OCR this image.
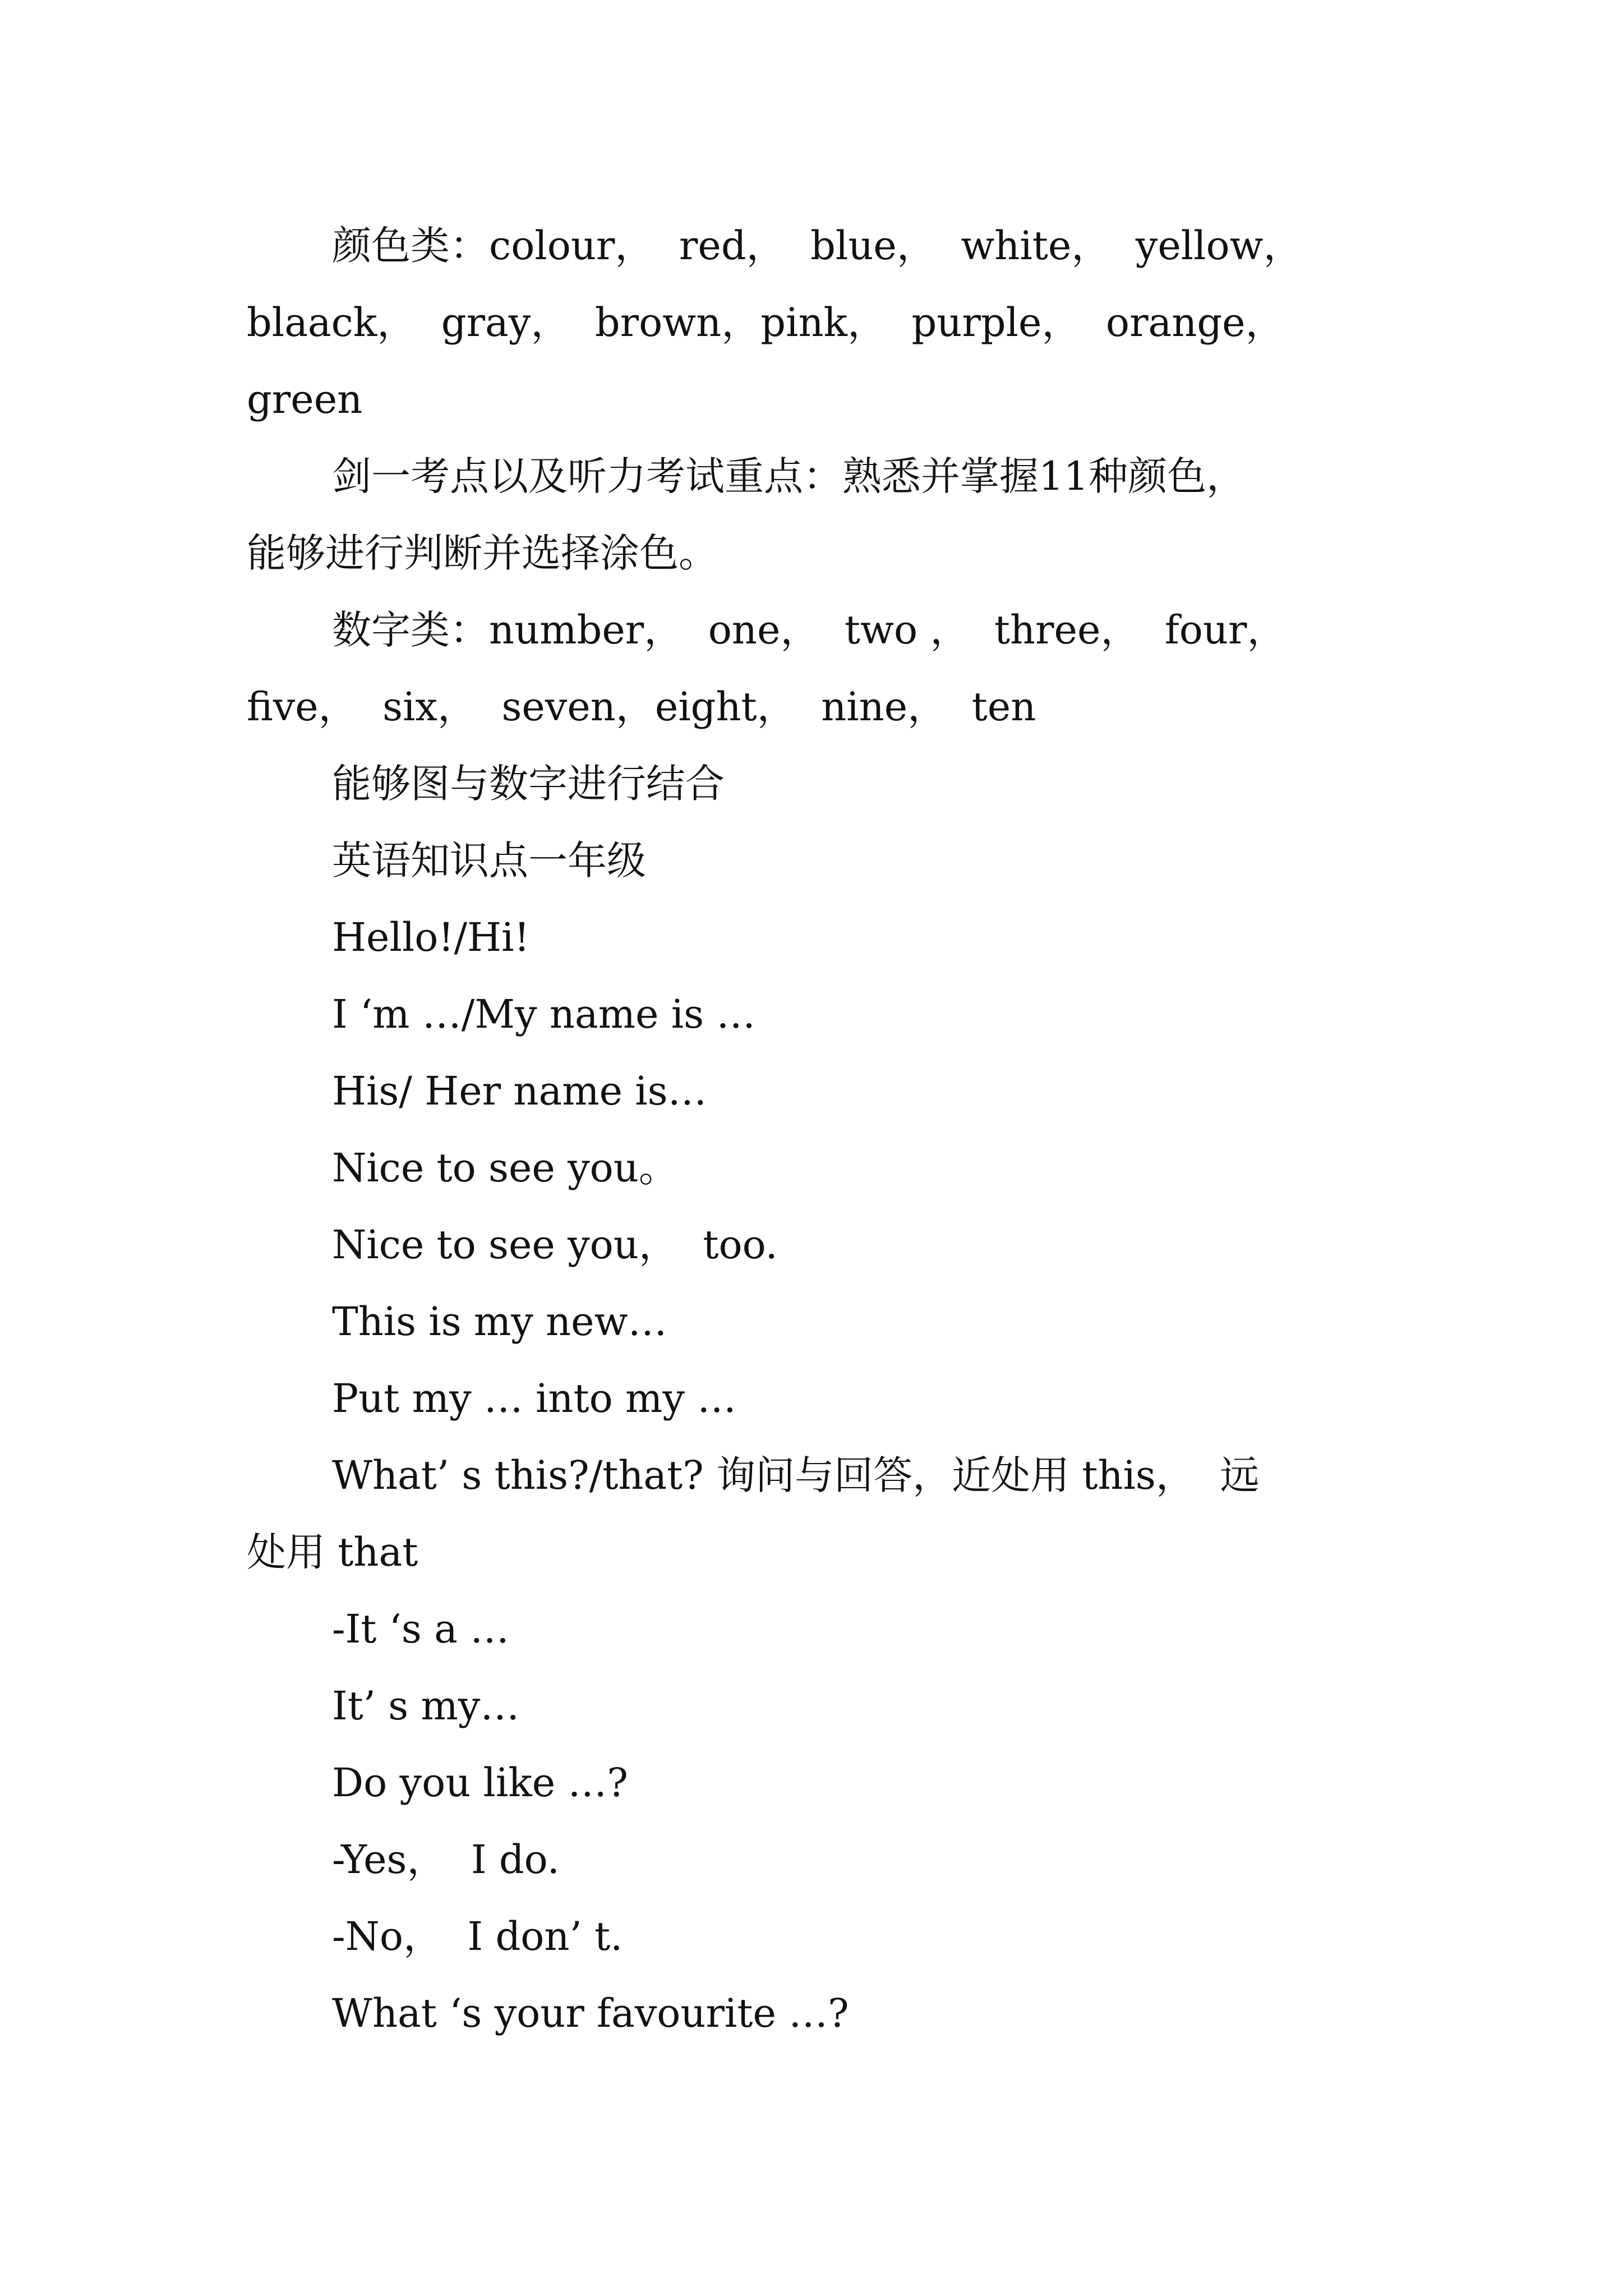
颜色类：colour，  red，  blue，  white，  yellow，

blaack，  gray，  brown，pink，  purple，  orange，

green

剑一考点以及听力考试重点：熟悉并掌握11种颜色，

能够进行判断并选择涂色。

数字类：number，  one，  two ，  three，  four，

five，  six，  seven，eight，  nine，  ten

能够图与数字进行结合

英语知识点一年级

Hello!/Hi!

I ‘m …/My name is …

His/ Her name is…

Nice to see you。

Nice to see you，  too.

This is my new…

Put my … into my …

What’ s this?/that? 询问与回答，近处用 this，  远

处用 that

-It ‘s a …

It’ s my…

Do you like …?

-Yes，  I do.

-No，  I don’ t.

What ‘s your favourite …?
